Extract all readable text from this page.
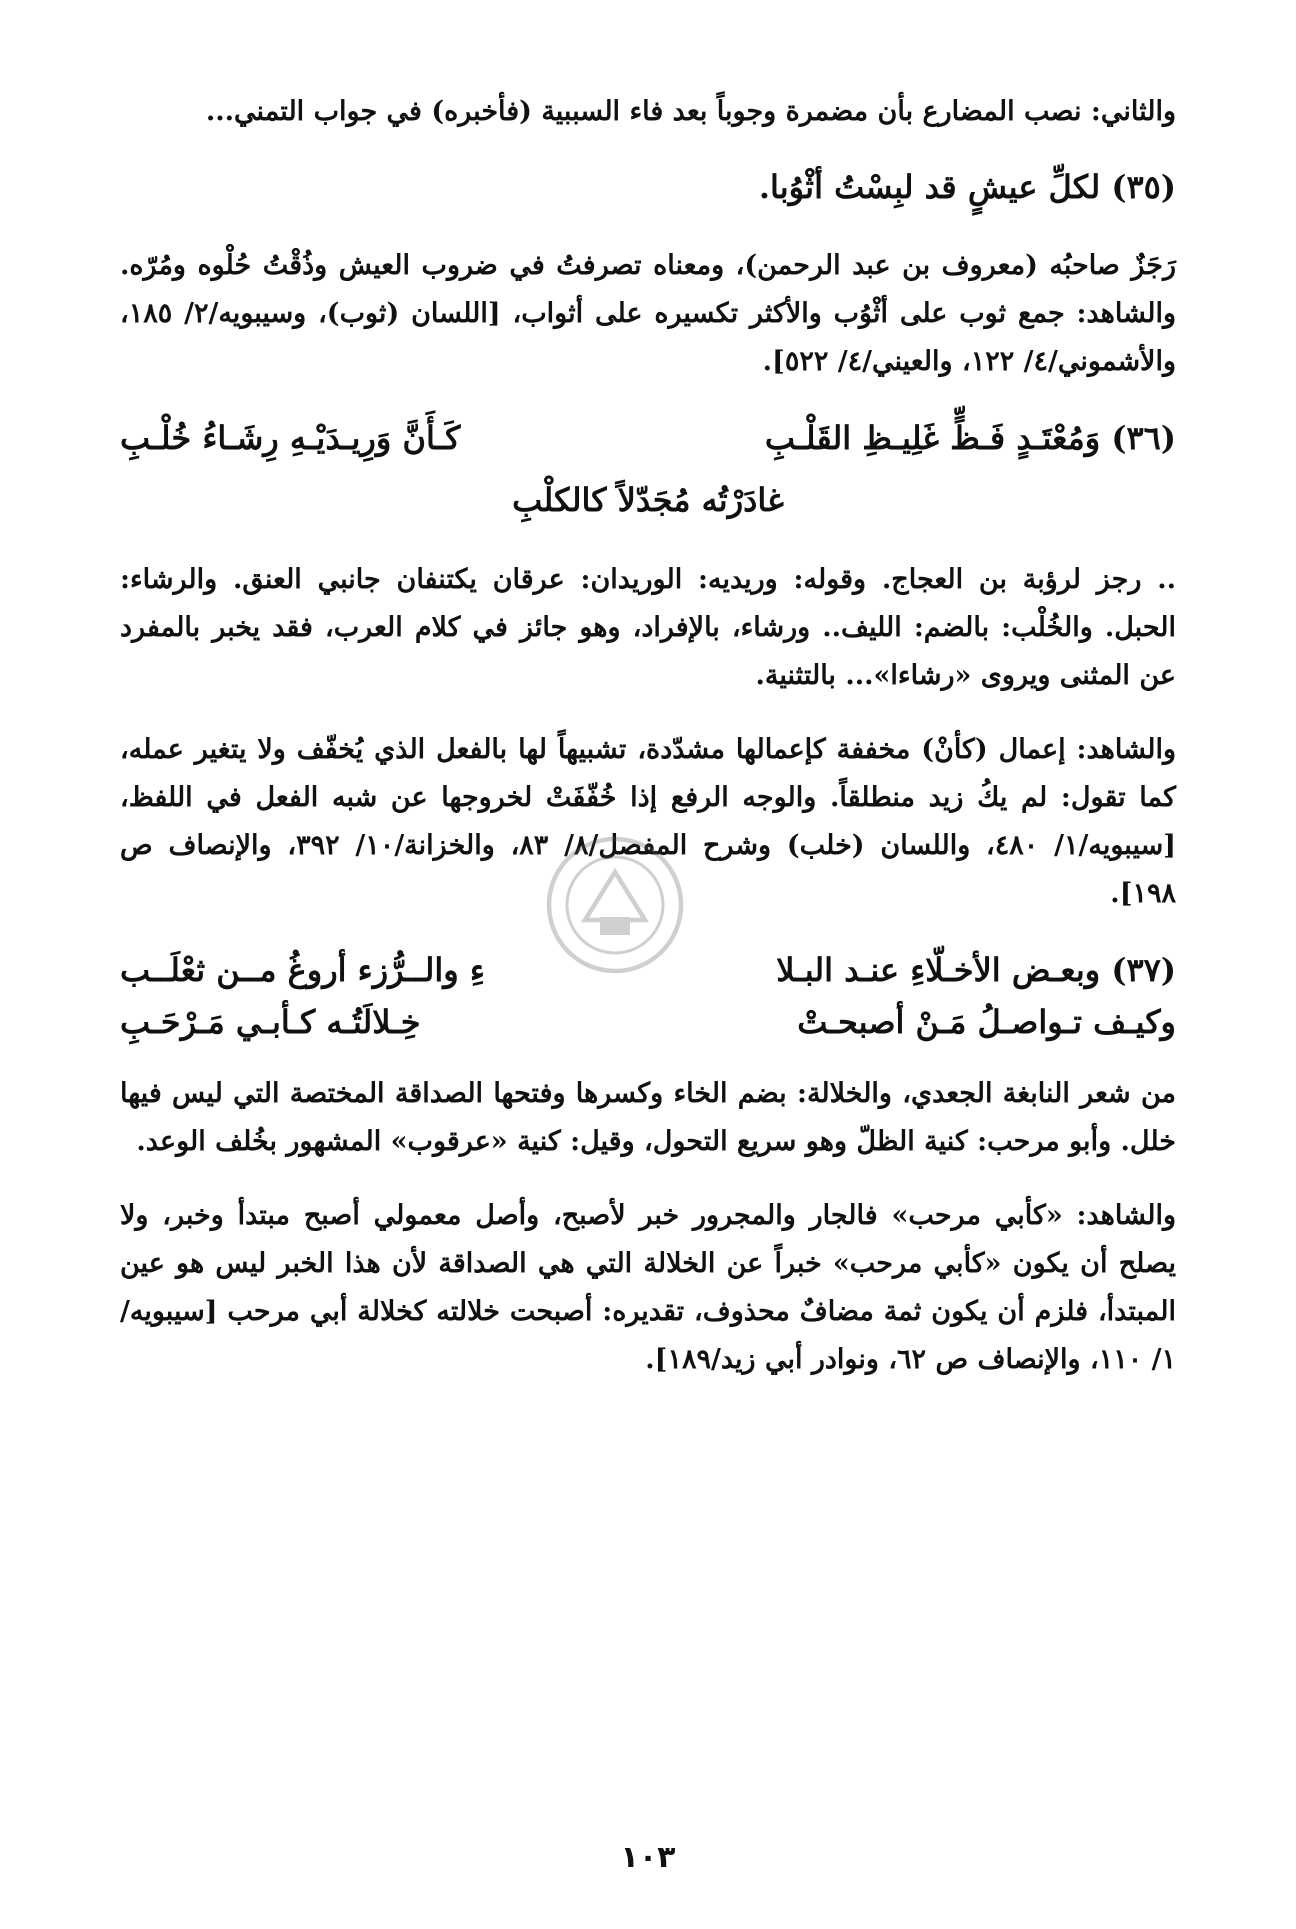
والثاني: نصب المضارع بأن مضمرة وجوباً بعد فاء السببية (فأخبره) في جواب التمني...

(٣٥) لكلِّ عيشٍ قد لبِسْتُ أثْوُبا.

رَجَزٌ صاحبُه (معروف بن عبد الرحمن)، ومعناه تصرفتُ في ضروب العيش وذُقْتُ حُلْوه ومُرّه. والشاهد: جمع ثوب على أثْوُب والأكثر تكسيره على أثواب، [اللسان (ثوب)، وسيبويه/٢/ ١٨٥، والأشموني/٤/ ١٢٢، والعيني/٤/ ٥٢٢].

(٣٦) وَمُعْتَـدٍ فَـظٍّ غَلِيـظِ القَلْـبِ
كَـأَنَّ وَرِيـدَيْـهِ رِشَـاءُ خُلْـبِ
غادَرْتُه مُجَدّلاً كالكلْبِ

.. رجز لرؤبة بن العجاج. وقوله: وريديه: الوريدان: عرقان يكتنفان جانبي العنق. والرشاء: الحبل. والخُلْب: بالضم: الليف.. ورشاء، بالإفراد، وهو جائز في كلام العرب، فقد يخبر بالمفرد عن المثنى ويروى «رشاءا»... بالتثنية.

والشاهد: إعمال (كأنْ) مخففة كإعمالها مشدّدة، تشبيهاً لها بالفعل الذي يُخفّف ولا يتغير عمله، كما تقول: لم يكُ زيد منطلقاً. والوجه الرفع إذا خُفّفَتْ لخروجها عن شبه الفعل في اللفظ، [سيبويه/١/ ٤٨٠، واللسان (خلب) وشرح المفصل/٨/ ٨٣، والخزانة/١٠/ ٣٩٢، والإنصاف ص ١٩٨].

(٣٧) وبعـض الأخـلّاءِ عنـد البـلا
ءِ والــرُّزء أروغُ مــن ثعْلَــب
وكيـف تـواصـلُ مَـنْ أصبحـتْ
خِـلالَتُـه كـأبـي مَـرْحَـبِ

من شعر النابغة الجعدي، والخلالة: بضم الخاء وكسرها وفتحها الصداقة المختصة التي ليس فيها خلل. وأبو مرحب: كنية الظلّ وهو سريع التحول، وقيل: كنية «عرقوب» المشهور بخُلف الوعد.

والشاهد: «كأبي مرحب» فالجار والمجرور خبر لأصبح، وأصل معمولي أصبح مبتدأ وخبر، ولا يصلح أن يكون «كأبي مرحب» خبراً عن الخلالة التي هي الصداقة لأن هذا الخبر ليس هو عين المبتدأ، فلزم أن يكون ثمة مضافٌ محذوف، تقديره: أصبحت خلالته كخلالة أبي مرحب [سيبويه/١/ ١١٠، والإنصاف ص ٦٢، ونوادر أبي زيد/١٨٩].

١٠٣
